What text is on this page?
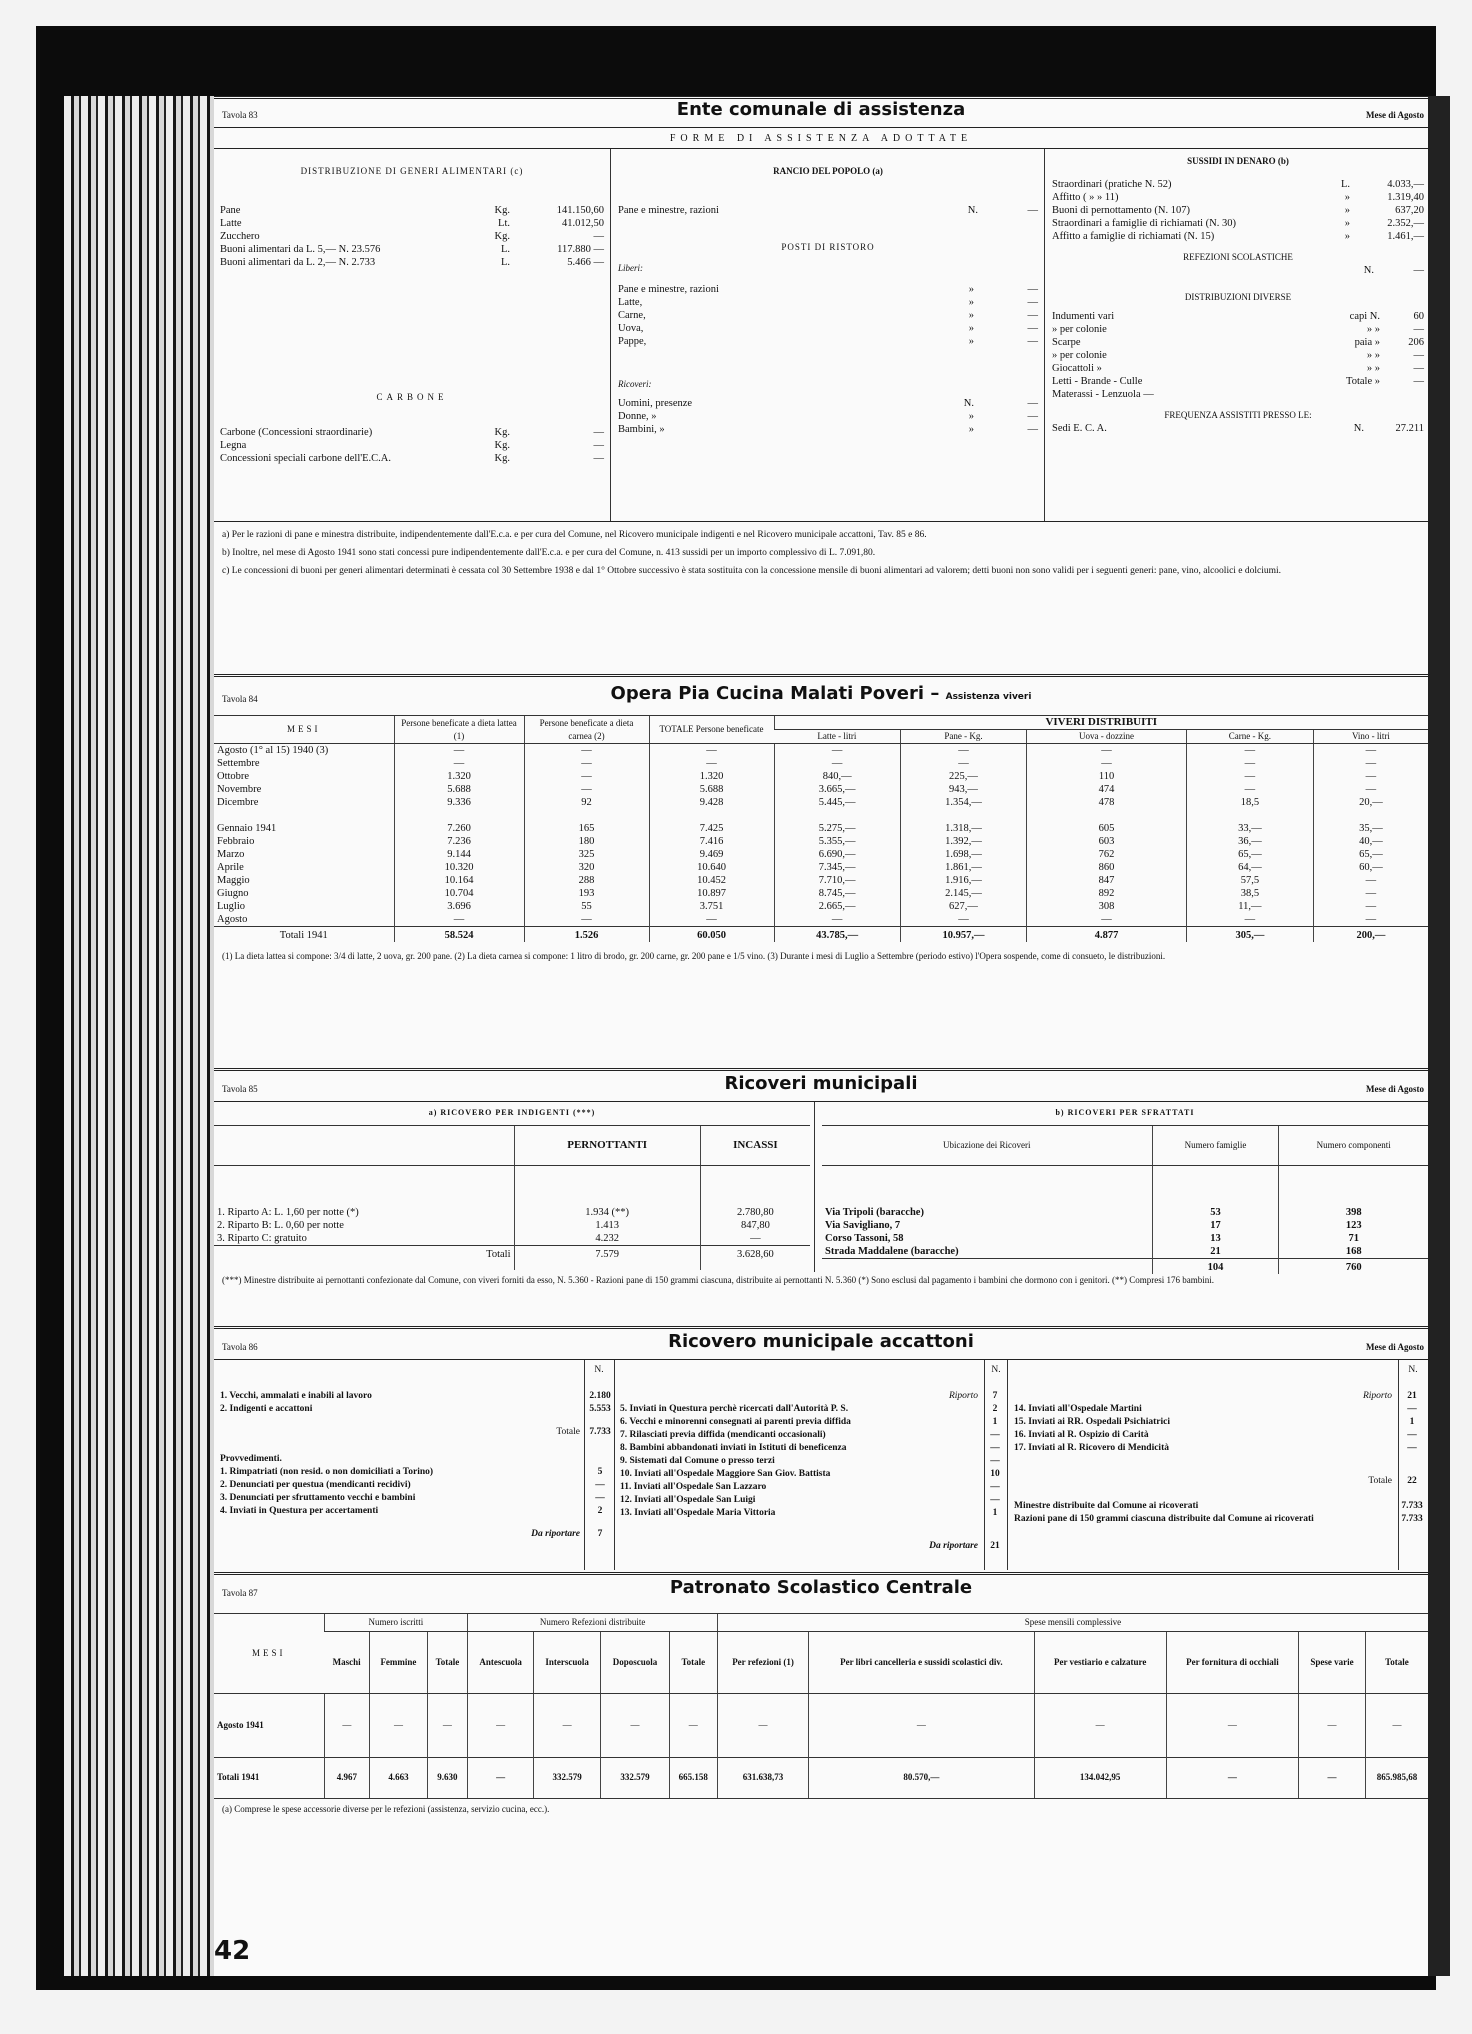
Tavola 83	Ente comunale di assistenza	Mese di Agosto
FORME DI ASSISTENZA ADOTTATE
DISTRIBUZIONE DI GENERI ALIMENTARI (c)
Pane	Kg.	141.150,60
Latte	Lt.	41.012,50
Zucchero	Kg.	—
Buoni alimentari da L. 5,— N. 23.576	L.	117.880 —
Buoni alimentari da L. 2,— N. 2.733	L.	5.466 —
CARBONE
Carbone (Concessioni straordinarie)	Kg.	—
Legna	Kg.	—
Concessioni speciali carbone dell'E.C.A.	Kg.	—
RANCIO DEL POPOLO (a)
Pane e minestre, razioni	N.	—
POSTI DI RISTORO
Liberi:
Pane e minestre, razioni	»	—
Latte,	»	—
Carne,	»	—
Uova,	»	—
Pappe,	»	—
Ricoveri:
Uomini, presenze	N.	—
Donne, »	»	—
Bambini, »	»	—
SUSSIDI IN DENARO (b)
Straordinari (pratiche N. 52)	L.	4.033,—
Affitto ( » » 11)	»	1.319,40
Buoni di pernottamento (N. 107)	»	637,20
Straordinari a famiglie di richiamati (N. 30)	»	2.352,—
Affitto a famiglie di richiamati (N. 15)	»	1.461,—
REFEZIONI SCOLASTICHE
N.	—
DISTRIBUZIONI DIVERSE
Indumenti vari	capi N.	60
» per colonie	» »	—
Scarpe	paia »	206
» per colonie	» »	—
Giocattoli »	» »	—
Letti - Brande - Culle	Totale »	—
Materassi - Lenzuola —
FREQUENZA ASSISTITI PRESSO LE:
Sedi E. C. A.	N.	27.211

a) Per le razioni di pane e minestra distribuite, indipendentemente dall'E.c.a. e per cura del Comune, nel Ricovero municipale indigenti e nel Ricovero municipale accattoni, Tav. 85 e 86.

b) Inoltre, nel mese di Agosto 1941 sono stati concessi pure indipendentemente dall'E.c.a. e per cura del Comune, n. 413 sussidi per un importo complessivo di L. 7.091,80.

c) Le concessioni di buoni per generi alimentari determinati è cessata col 30 Settembre 1938 e dal 1° Ottobre successivo è stata sostituita con la concessione mensile di buoni alimentari ad valorem; detti buoni non sono validi per i seguenti generi: pane, vino, alcoolici e dolciumi.

Tavola 84	Opera Pia Cucina Malati Poveri – Assistenza viveri
MESI	Persone beneficate a dieta lattea (1)	Persone beneficate a dieta carnea (2)	TOTALE Persone beneficate	VIVERI DISTRIBUITI				
				Latte - litri	Pane - Kg.	Uova - dozzine	Carne - Kg.	Vino - litri
Agosto (1° al 15) 1940 (3)	—	—	—	—	—	—	—	—
Settembre	—	—	—	—	—	—	—	—
Ottobre	1.320	—	1.320	840,—	225,—	110	—	—
Novembre	5.688	—	5.688	3.665,—	943,—	474	—	—
Dicembre	9.336	92	9.428	5.445,—	1.354,—	478	18,5	20,—

Gennaio 1941	7.260	165	7.425	5.275,—	1.318,—	605	33,—	35,—
Febbraio	7.236	180	7.416	5.355,—	1.392,—	603	36,—	40,—
Marzo	9.144	325	9.469	6.690,—	1.698,—	762	65,—	65,—
Aprile	10.320	320	10.640	7.345,—	1.861,—	860	64,—	60,—
Maggio	10.164	288	10.452	7.710,—	1.916,—	847	57,5	—
Giugno	10.704	193	10.897	8.745,—	2.145,—	892	38,5	—
Luglio	3.696	55	3.751	2.665,—	627,—	308	11,—	—
Agosto	—	—	—	—	—	—	—	—
Totali 1941	58.524	1.526	60.050	43.785,—	10.957,—	4.877	305,—	200,—
(1) La dieta lattea si compone: 3/4 di latte, 2 uova, gr. 200 pane. (2) La dieta carnea si compone: 1 litro di brodo, gr. 200 carne, gr. 200 pane e 1/5 vino. (3) Durante i mesi di Luglio a Settembre (periodo estivo) l'Opera sospende, come di consueto, le distribuzioni.
Tavola 85	Ricoveri municipali	Mese di Agosto
a) RICOVERO PER INDIGENTI (***)
	PERNOTTANTI	INCASSI
1. Riparto A: L. 1,60 per notte (*)	1.934 (**)	2.780,80
2. Riparto B: L. 0,60 per notte	1.413	847,80
3. Riparto C: gratuito	4.232	—
Totali	7.579	3.628,60
b) RICOVERI PER SFRATTATI
Ubicazione dei Ricoveri	Numero famiglie	Numero componenti
Via Tripoli (baracche)	53	398
Via Savigliano, 7	17	123
Corso Tassoni, 58	13	71
Strada Maddalene (baracche)	21	168
	104	760
(***) Minestre distribuite ai pernottanti confezionate dal Comune, con viveri forniti da esso, N. 5.360 - Razioni pane di 150 grammi ciascuna, distribuite ai pernottanti N. 5.360 (*) Sono esclusi dal pagamento i bambini che dormono con i genitori. (**) Compresi 176 bambini.
Tavola 86	Ricovero municipale accattoni	Mese di Agosto
N.	N.	N.
1. Vecchi, ammalati e inabili al lavoro	2.180
2. Indigenti e accattoni	5.553
Totale 7.733
Provvedimenti.
1. Rimpatriati (non resid. o non domiciliati a Torino)	5
2. Denunciati per questua (mendicanti recidivi)	—
3. Denunciati per sfruttamento vecchi e bambini	—
4. Inviati in Questura per accertamenti	2
Da riportare	7
Riporto	7
5. Inviati in Questura perchè ricercati dall'Autorità P. S.	2
6. Vecchi e minorenni consegnati ai parenti previa diffida	1
7. Rilasciati previa diffida (mendicanti occasionali)	—
8. Bambini abbandonati inviati in Istituti di beneficenza	—
9. Sistemati dal Comune o presso terzi	—
10. Inviati all'Ospedale Maggiore San Giov. Battista	10
11. Inviati all'Ospedale San Lazzaro	—
12. Inviati all'Ospedale San Luigi	—
13. Inviati all'Ospedale Maria Vittoria	1
Da riportare	21
Riporto	21
14. Inviati all'Ospedale Martini	—
15. Inviati ai RR. Ospedali Psichiatrici	1
16. Inviati al R. Ospizio di Carità	—
17. Inviati al R. Ricovero di Mendicità	—
Totale	22
Minestre distribuite dal Comune ai ricoverati	7.733
Razioni pane di 150 grammi ciascuna distribuite dal Comune ai ricoverati	7.733
Tavola 87	Patronato Scolastico Centrale
MESI	Numero iscritti			Numero Refezioni distribuite				Spese mensili complessive					
	Maschi	Femmine	Totale	Antescuola	Interscuola	Doposcuola	Totale	Per refezioni (1)	Per libri cancelleria e sussidi scolastici div.	Per vestiario e calzature	Per fornitura di occhiali	Spese varie	Totale
Agosto 1941	—	—	—	—	—	—	—	—	—	—	—	—	—
Totali 1941	4.967	4.663	9.630	—	332.579	332.579	665.158	631.638,73	80.570,—	134.042,95	—	—	865.985,68
(a) Comprese le spese accessorie diverse per le refezioni (assistenza, servizio cucina, ecc.).
42
